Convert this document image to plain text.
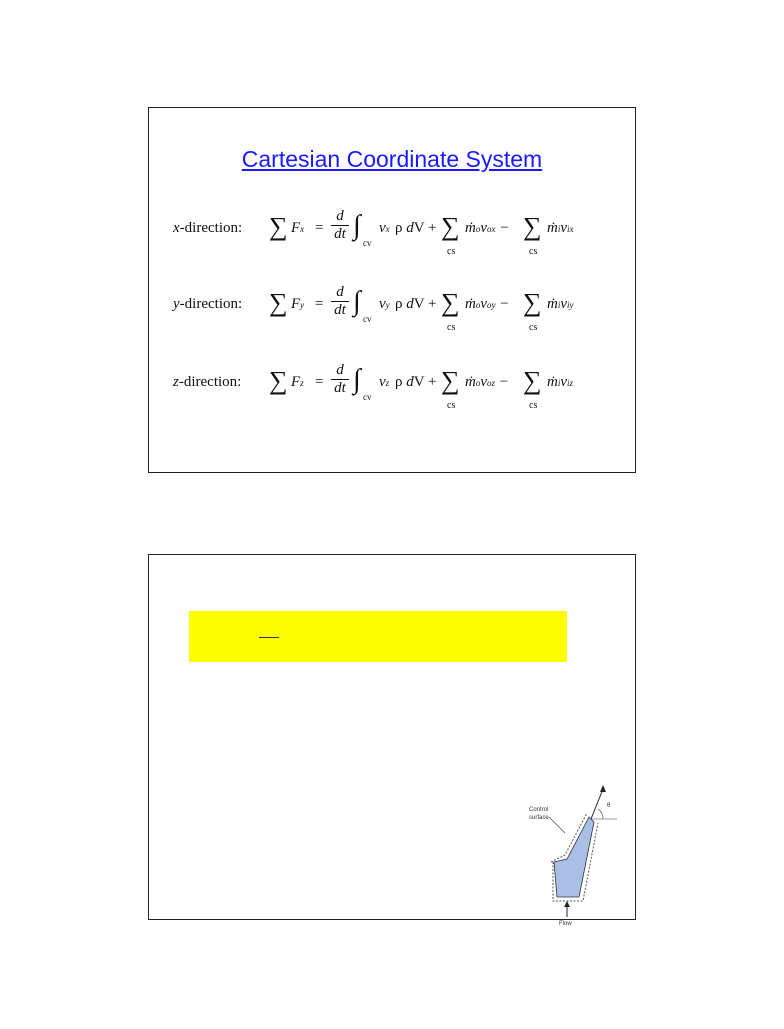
Cartesian Coordinate System
x-direction: ∑ $Fx = \frac{d}{dt}$ ∫
cv
vx ρ dV + ∑ ṁovox − ∑ ṁivix
cs	cs
y-direction: ∑ $Fy = \frac{d}{dt}$ ∫
cv
vy ρ dV + ∑ ṁovoy − ∑ ṁiviy
cs	cs
z-direction: ∑ $Fz = \frac{d}{dt}$ ∫
cv
vz ρ dV + ∑ ṁovoz − ∑ ṁiviz
cs	cs
Control
surface
θ
Flow
